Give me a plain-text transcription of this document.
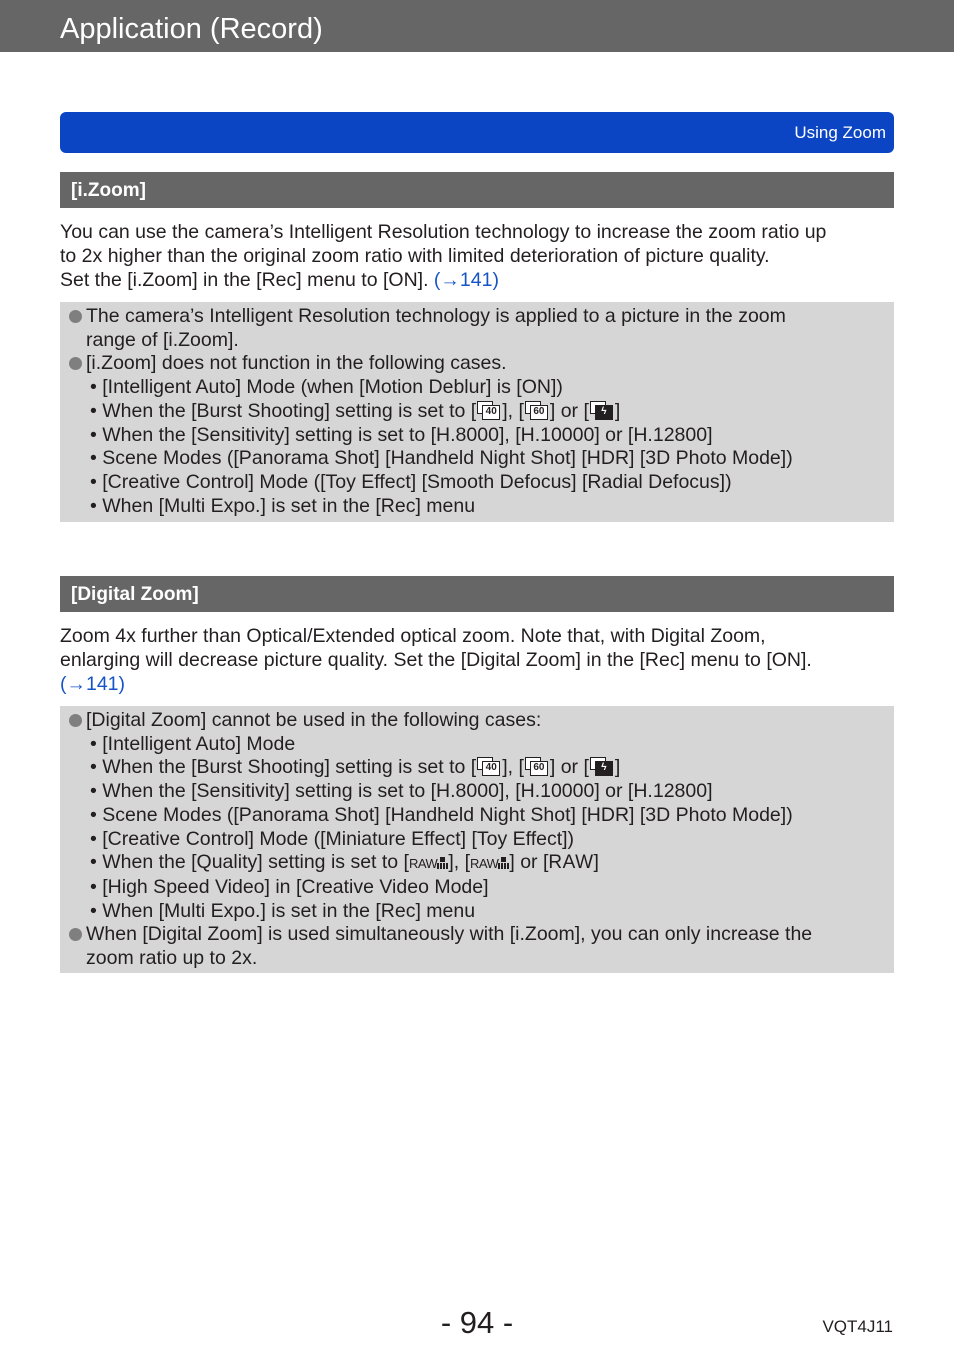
Application (Record)
Using Zoom
[i.Zoom]

You can use the camera’s Intelligent Resolution technology to increase the zoom ratio up

to 2x higher than the original zoom ratio with limited deterioration of picture quality.

Set the [i.Zoom] in the [Rec] menu to [ON]. (→141)

The camera’s Intelligent Resolution technology is applied to a picture in the zoom
range of [i.Zoom].
[i.Zoom] does not function in the following cases.
• [Intelligent Auto] Mode (when [Motion Deblur] is [ON])
• When the [Burst Shooting] setting is set to [ 40 ], [ 60 ] or [	ϟ ]
• When the [Sensitivity] setting is set to [H.8000], [H.10000] or [H.12800]
• Scene Modes ([Panorama Shot] [Handheld Night Shot] [HDR] [3D Photo Mode])
• [Creative Control] Mode ([Toy Effect] [Smooth Defocus] [Radial Defocus])
• When [Multi Expo.] is set in the [Rec] menu
[Digital Zoom]

Zoom 4x further than Optical/Extended optical zoom. Note that, with Digital Zoom,

enlarging will decrease picture quality. Set the [Digital Zoom] in the [Rec] menu to [ON].

(→141)

[Digital Zoom] cannot be used in the following cases:
• [Intelligent Auto] Mode
• When the [Burst Shooting] setting is set to [ 40 ], [ 60 ] or [	ϟ ]
• When the [Sensitivity] setting is set to [H.8000], [H.10000] or [H.12800]
• Scene Modes ([Panorama Shot] [Handheld Night Shot] [HDR] [3D Photo Mode])
• [Creative Control] Mode ([Miniature Effect] [Toy Effect])
• When the [Quality] setting is set to [RAW ], [RAW ] or [RAW]
• [High Speed Video] in [Creative Video Mode]
• When [Multi Expo.] is set in the [Rec] menu
When [Digital Zoom] is used simultaneously with [i.Zoom], you can only increase the
zoom ratio up to 2x.
- 94 -	VQT4J11
